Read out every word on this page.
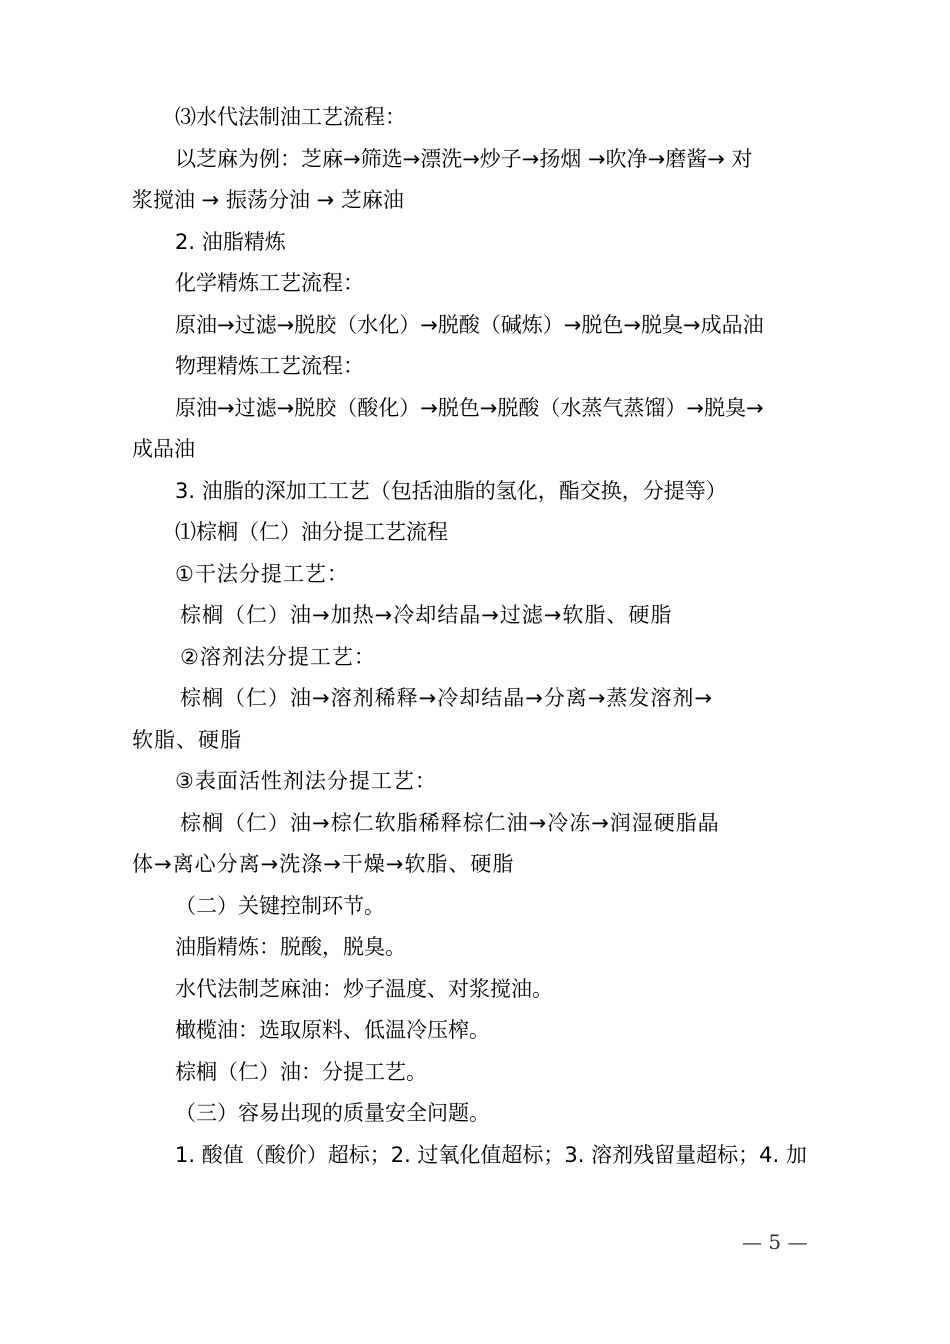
⑶水代法制油工艺流程：

以芝麻为例：芝麻→筛选→漂洗→炒子→扬烟 →吹净→磨酱→ 对

浆搅油 → 振荡分油 → 芝麻油

2. 油脂精炼

化学精炼工艺流程：

原油→过滤→脱胶（水化）→脱酸（碱炼）→脱色→脱臭→成品油

物理精炼工艺流程：

原油→过滤→脱胶（酸化）→脱色→脱酸（水蒸气蒸馏）→脱臭→

成品油

3. 油脂的深加工工艺（包括油脂的氢化，酯交换，分提等）

⑴棕榈（仁）油分提工艺流程

①干法分提工艺：

棕榈（仁）油→加热→冷却结晶→过滤→软脂、硬脂

②溶剂法分提工艺：

棕榈（仁）油→溶剂稀释→冷却结晶→分离→蒸发溶剂→

软脂、硬脂

③表面活性剂法分提工艺：

棕榈（仁）油→棕仁软脂稀释棕仁油→冷冻→润湿硬脂晶

体→离心分离→洗涤→干燥→软脂、硬脂

（二）关键控制环节。

油脂精炼：脱酸，脱臭。

水代法制芝麻油：炒子温度、对浆搅油。

橄榄油：选取原料、低温冷压榨。

棕榈（仁）油：分提工艺。

（三）容易出现的质量安全问题。

1. 酸值（酸价）超标；2. 过氧化值超标；3. 溶剂残留量超标；4. 加

— 5 —
